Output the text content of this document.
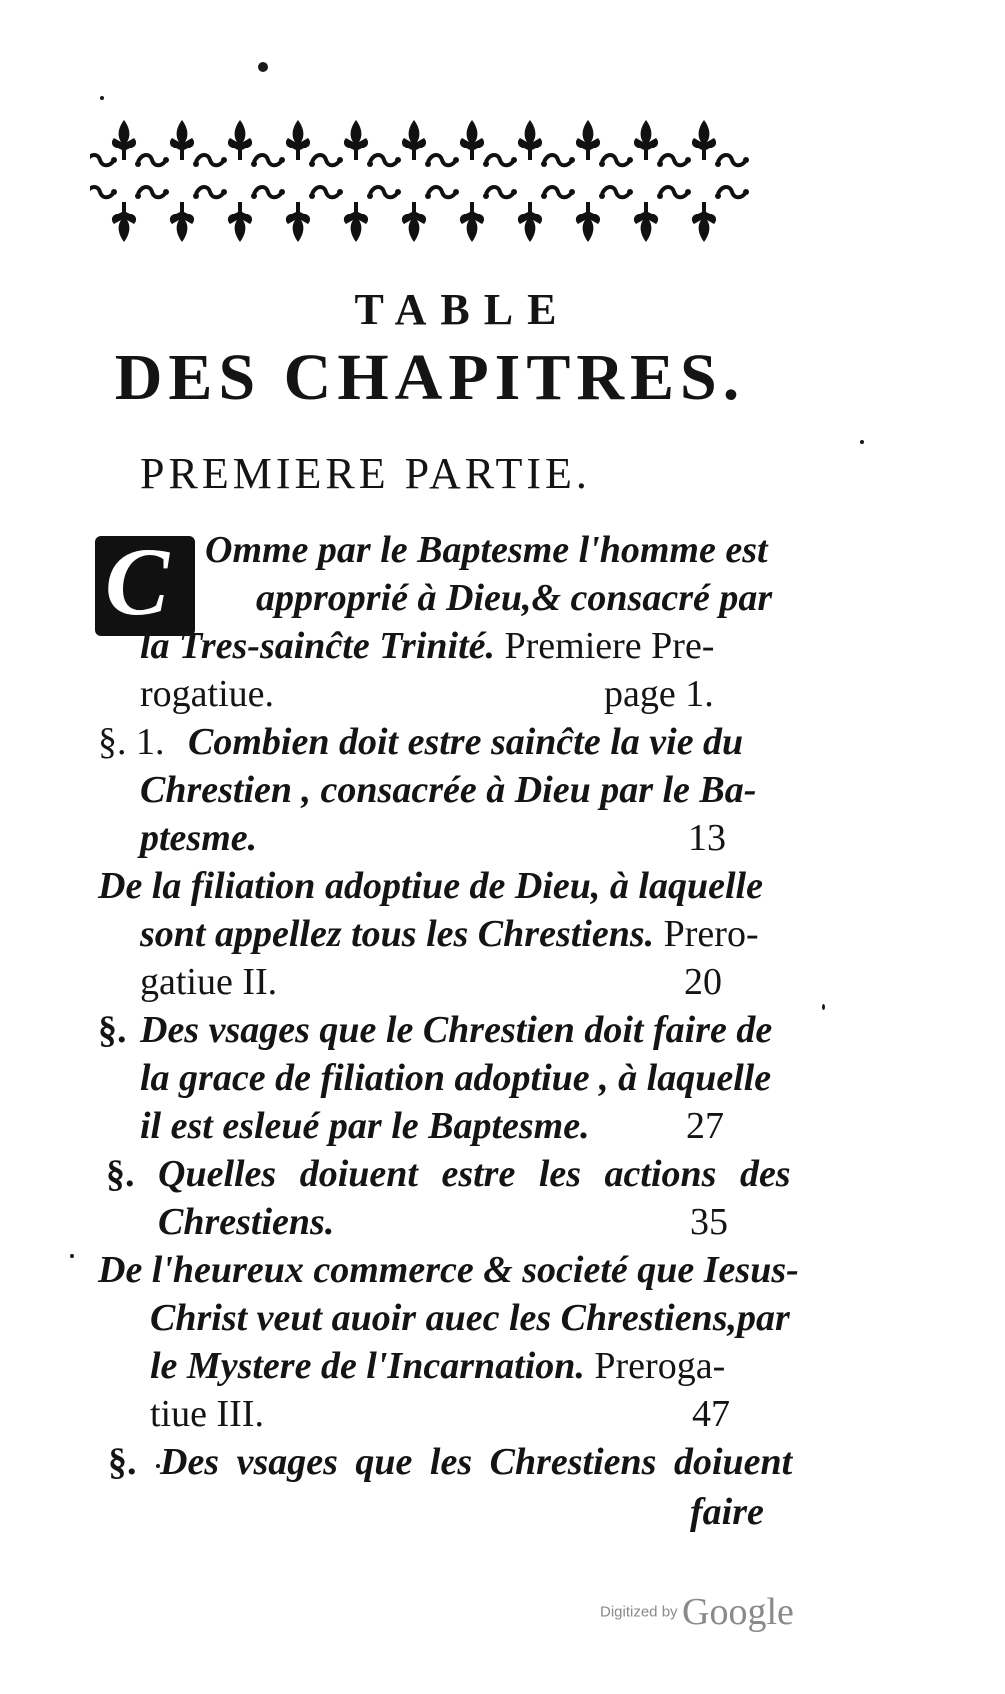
TABLE
DES CHAPITRES.
PREMIERE PARTIE.
C Omme par le Baptesme l'homme est
approprié à Dieu,& consacré par
la Tres-sainĉte Trinité. Premiere Pre-
rogatiue.	page 1.
§. 1. Combien doit estre sainĉte la vie du
Chrestien , consacrée à Dieu par le Ba-
ptesme.	13
De la filiation adoptiue de Dieu, à laquelle
sont appellez tous les Chrestiens. Prero-
gatiue II.	20
§. Des vsages que le Chrestien doit faire de
la grace de filiation adoptiue , à laquelle
il est esleué par le Baptesme.	27
§. Quelles doiuent estre les actions des
Chrestiens.	35
De l'heureux commerce & societé que Iesus-
Christ veut auoir auec les Chrestiens,par
le Mystere de l'Incarnation. Preroga-
tiue III.	47
§. Des vsages que les Chrestiens doiuent
faire
Digitized by Google
